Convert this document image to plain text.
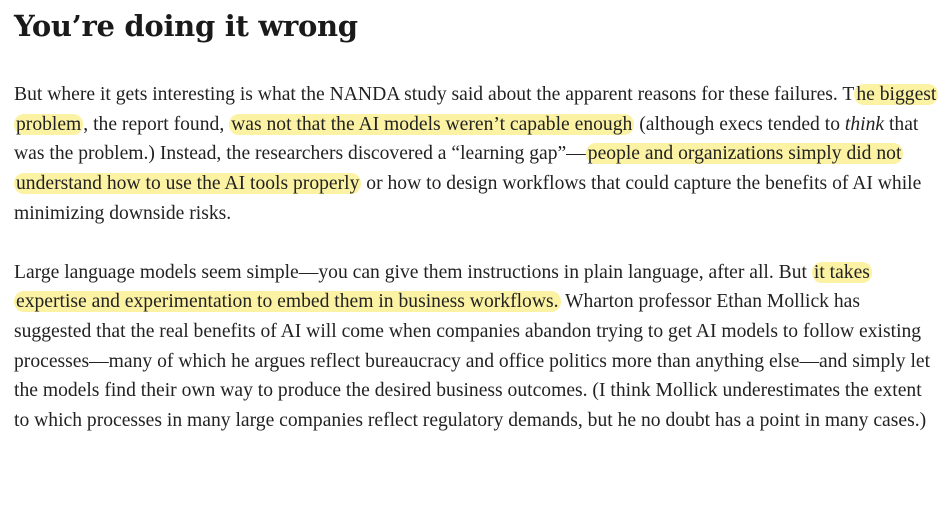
You’re doing it wrong

But where it gets interesting is what the NANDA study said about the apparent reasons for these failures. T he biggest problem , the report found, was not that the AI models weren’t capable enough (although execs tended to think that was the problem.) Instead, the researchers discovered a “learning gap”— people and organizations simply did not understand how to use the AI tools properly or how to design workflows that could capture the benefits of AI while minimizing downside risks.

Large language models seem simple—you can give them instructions in plain language, after all. But it takes expertise and experimentation to embed them in business workflows. Wharton professor Ethan Mollick has suggested that the real benefits of AI will come when companies abandon trying to get AI models to follow existing processes—many of which he argues reflect bureaucracy and office politics more than anything else—and simply let the models find their own way to produce the desired business outcomes. (I think Mollick underestimates the extent to which processes in many large companies reflect regulatory demands, but he no doubt has a point in many cases.)
